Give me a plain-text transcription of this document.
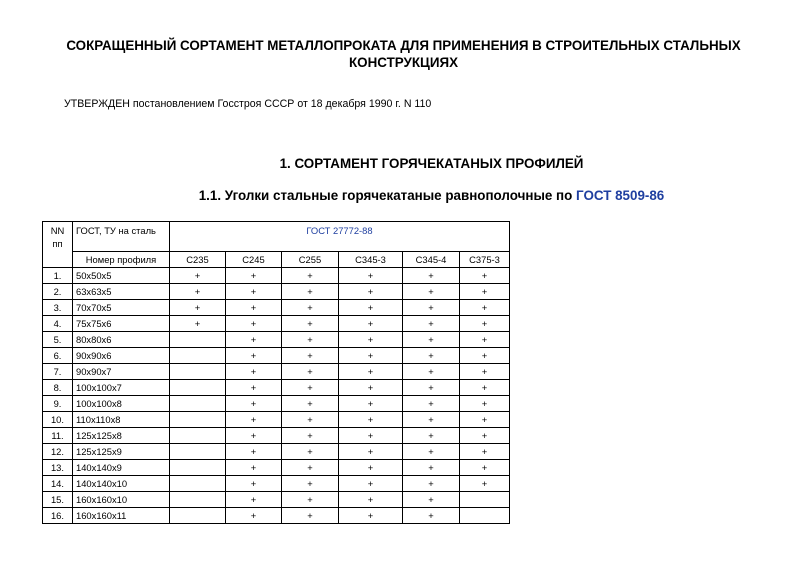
СОКРАЩЕННЫЙ СОРТАМЕНТ МЕТАЛЛОПРОКАТА ДЛЯ ПРИМЕНЕНИЯ В СТРОИТЕЛЬНЫХ СТАЛЬНЫХ КОНСТРУКЦИЯХ
УТВЕРЖДЕН постановлением Госстроя СССР от 18 декабря 1990 г. N 110
1. СОРТАМЕНТ ГОРЯЧЕКАТАНЫХ ПРОФИЛЕЙ
1.1. Уголки стальные горячекатаные равнополочные по ГОСТ 8509-86
NN
пп	ГОСТ, ТУ на сталь	ГОСТ 27772-88					
	Номер профиля	С235	С245	С255	С345-3	С345-4	С375-3
1.	50x50x5	+	+	+	+	+	+
2.	63x63x5	+	+	+	+	+	+
3.	70x70x5	+	+	+	+	+	+
4.	75x75x6	+	+	+	+	+	+
5.	80x80x6		+	+	+	+	+
6.	90x90x6		+	+	+	+	+
7.	90x90x7		+	+	+	+	+
8.	100x100x7		+	+	+	+	+
9.	100x100x8		+	+	+	+	+
10.	110x110x8		+	+	+	+	+
11.	125x125x8		+	+	+	+	+
12.	125x125x9		+	+	+	+	+
13.	140x140x9		+	+	+	+	+
14.	140x140x10		+	+	+	+	+
15.	160x160x10		+	+	+	+	
16.	160x160x11		+	+	+	+	
